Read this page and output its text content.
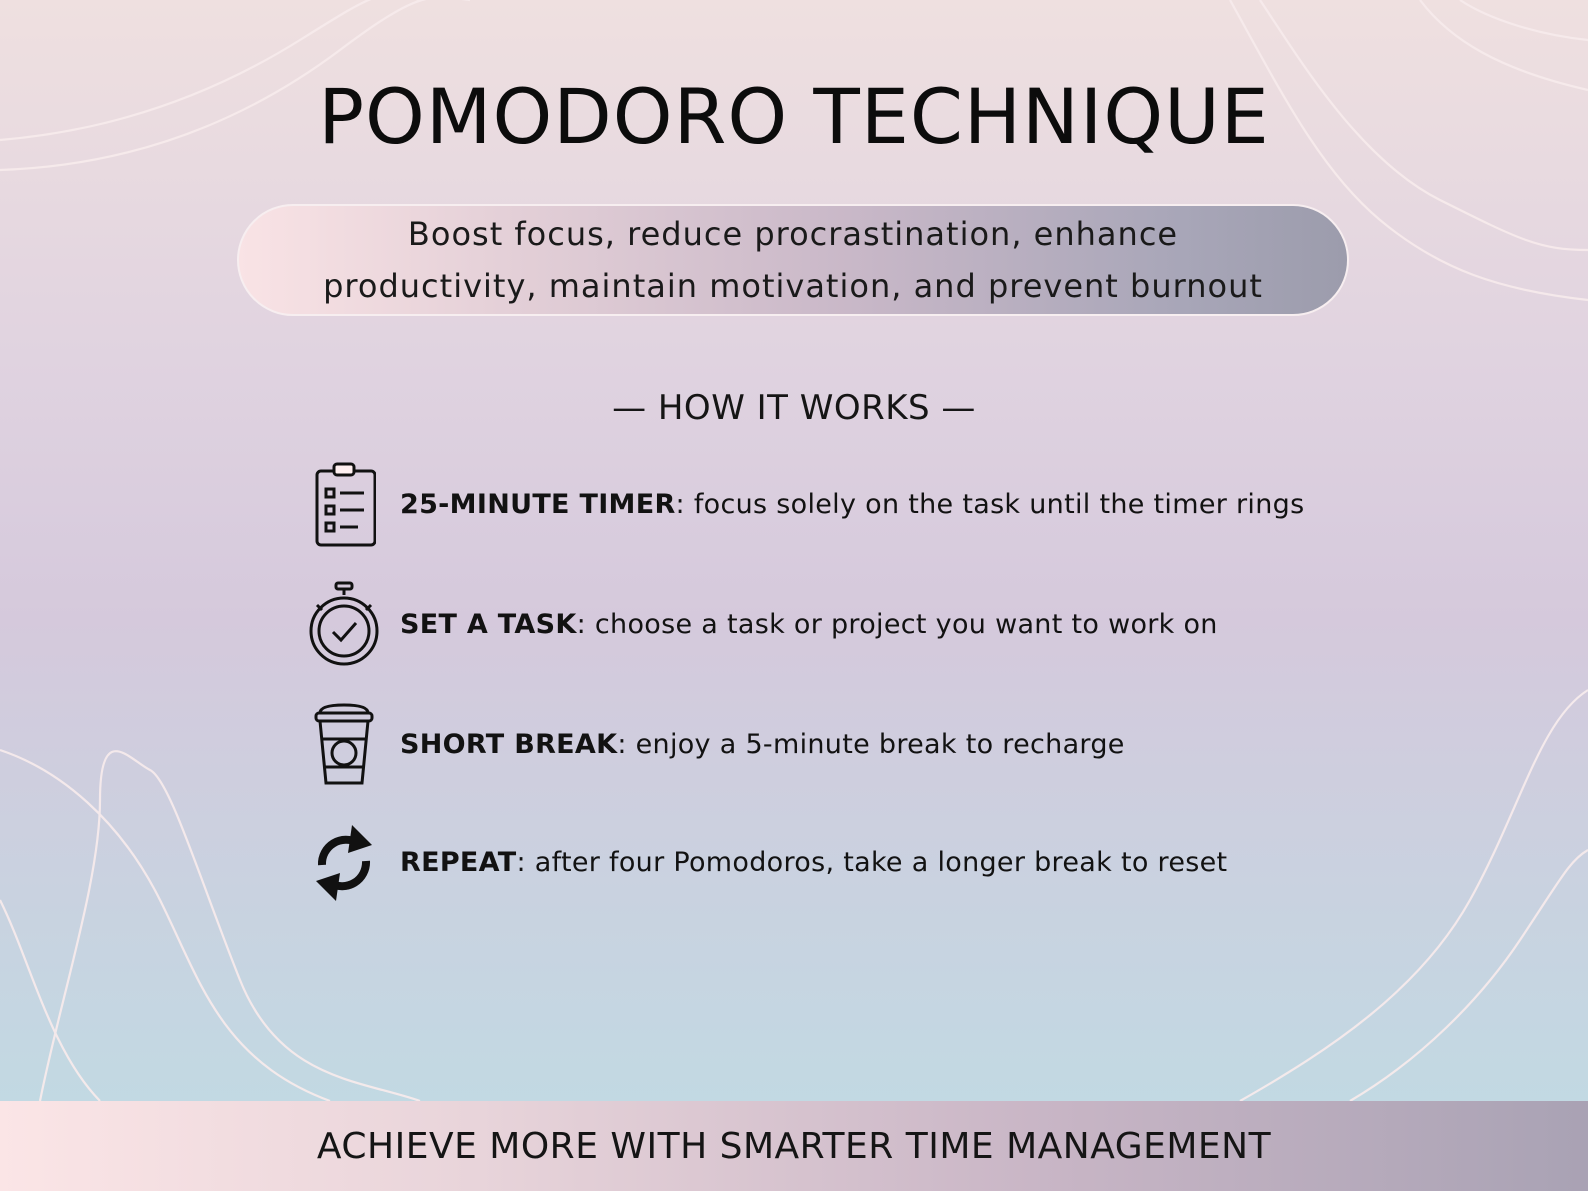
POMODORO TECHNIQUE
Boost focus, reduce procrastination, enhance
productivity, maintain motivation, and prevent burnout
— HOW IT WORKS —
25-MINUTE TIMER: focus solely on the task until the timer rings
SET A TASK: choose a task or project you want to work on
SHORT BREAK: enjoy a 5-minute break to recharge
REPEAT: after four Pomodoros, take a longer break to reset
ACHIEVE MORE WITH SMARTER TIME MANAGEMENT
